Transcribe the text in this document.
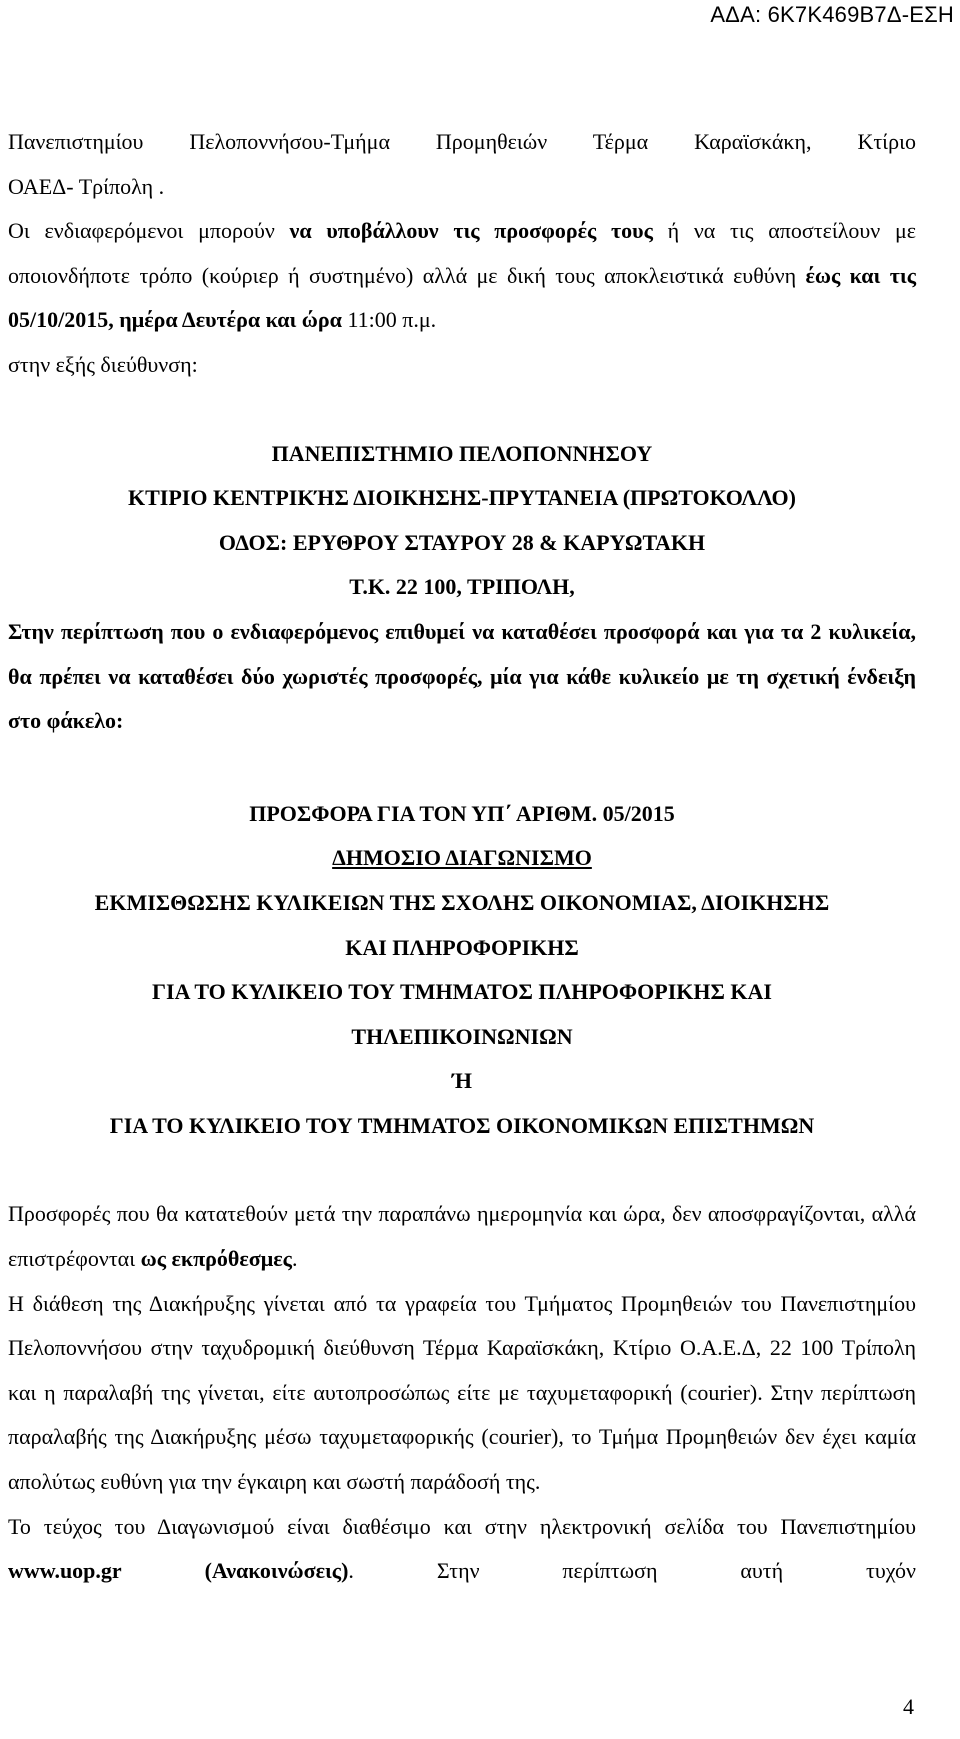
ΑΔΑ: 6Κ7Κ469Β7Δ-ΕΣΗ

Πανεπιστημίου Πελοποννήσου-Τμήμα Προμηθειών Τέρμα Καραϊσκάκη, Κτίριο

ΟΑΕΔ- Τρίπολη .

Οι ενδιαφερόμενοι μπορούν να υποβάλλουν τις προσφορές τους ή να τις αποστείλουν με οποιονδήποτε τρόπο (κούριερ ή συστημένο) αλλά με δική τους αποκλειστικά ευθύνη έως και τις 05/10/2015, ημέρα Δευτέρα και ώρα 11:00 π.μ.
στην εξής διεύθυνση:

ΠΑΝΕΠΙΣΤΗΜΙΟ ΠΕΛΟΠΟΝΝΗΣΟΥ

ΚΤΙΡΙΟ ΚΕΝΤΡΙΚΉΣ ΔΙΟΙΚΗΣΗΣ-ΠΡΥΤΑΝΕΙΑ (ΠΡΩΤΟΚΟΛΛΟ)

ΟΔΟΣ: ΕΡΥΘΡΟΥ ΣΤΑΥΡΟΥ 28 & ΚΑΡΥΩΤΑΚΗ

Τ.Κ. 22 100, ΤΡΙΠΟΛΗ,

Στην περίπτωση που ο ενδιαφερόμενος επιθυμεί να καταθέσει προσφορά και για τα 2 κυλικεία, θα πρέπει να καταθέσει δύο χωριστές προσφορές, μία για κάθε κυλικείο με τη σχετική ένδειξη στο φάκελο:

ΠΡΟΣΦΟΡΑ ΓΙΑ ΤΟΝ ΥΠ΄ ΑΡΙΘΜ. 05/2015

ΔΗΜΟΣΙΟ ΔΙΑΓΩΝΙΣΜΟ

ΕΚΜΙΣΘΩΣΗΣ ΚΥΛΙΚΕΙΩΝ ΤΗΣ ΣΧΟΛΗΣ ΟΙΚΟΝΟΜΙΑΣ, ΔΙΟΙΚΗΣΗΣ

ΚΑΙ ΠΛΗΡΟΦΟΡΙΚΗΣ

ΓΙΑ ΤΟ ΚΥΛΙΚΕΙΟ ΤΟΥ ΤΜΗΜΑΤΟΣ ΠΛΗΡΟΦΟΡΙΚΗΣ ΚΑΙ

ΤΗΛΕΠΙΚΟΙΝΩΝΙΩΝ

Ή

ΓΙΑ ΤΟ ΚΥΛΙΚΕΙΟ ΤΟΥ ΤΜΗΜΑΤΟΣ ΟΙΚΟΝΟΜΙΚΩΝ ΕΠΙΣΤΗΜΩΝ

Προσφορές που θα κατατεθούν μετά την παραπάνω ημερομηνία και ώρα, δεν αποσφραγίζονται, αλλά επιστρέφονται ως εκπρόθεσμες.

Η διάθεση της Διακήρυξης γίνεται από τα γραφεία του Τμήματος Προμηθειών του Πανεπιστημίου Πελοποννήσου στην ταχυδρομική διεύθυνση Τέρμα Καραϊσκάκη, Κτίριο Ο.Α.Ε.Δ, 22 100 Τρίπολη και η παραλαβή της γίνεται, είτε αυτοπροσώπως είτε με ταχυμεταφορική (courier). Στην περίπτωση παραλαβής της Διακήρυξης μέσω ταχυμεταφορικής (courier), το Τμήμα Προμηθειών δεν έχει καμία απολύτως ευθύνη για την έγκαιρη και σωστή παράδοσή της.

Το τεύχος του Διαγωνισμού είναι διαθέσιμο και στην ηλεκτρονική σελίδα του Πανεπιστημίου www.uop.gr	(Ανακοινώσεις). Στην περίπτωση αυτή τυχόν

4
